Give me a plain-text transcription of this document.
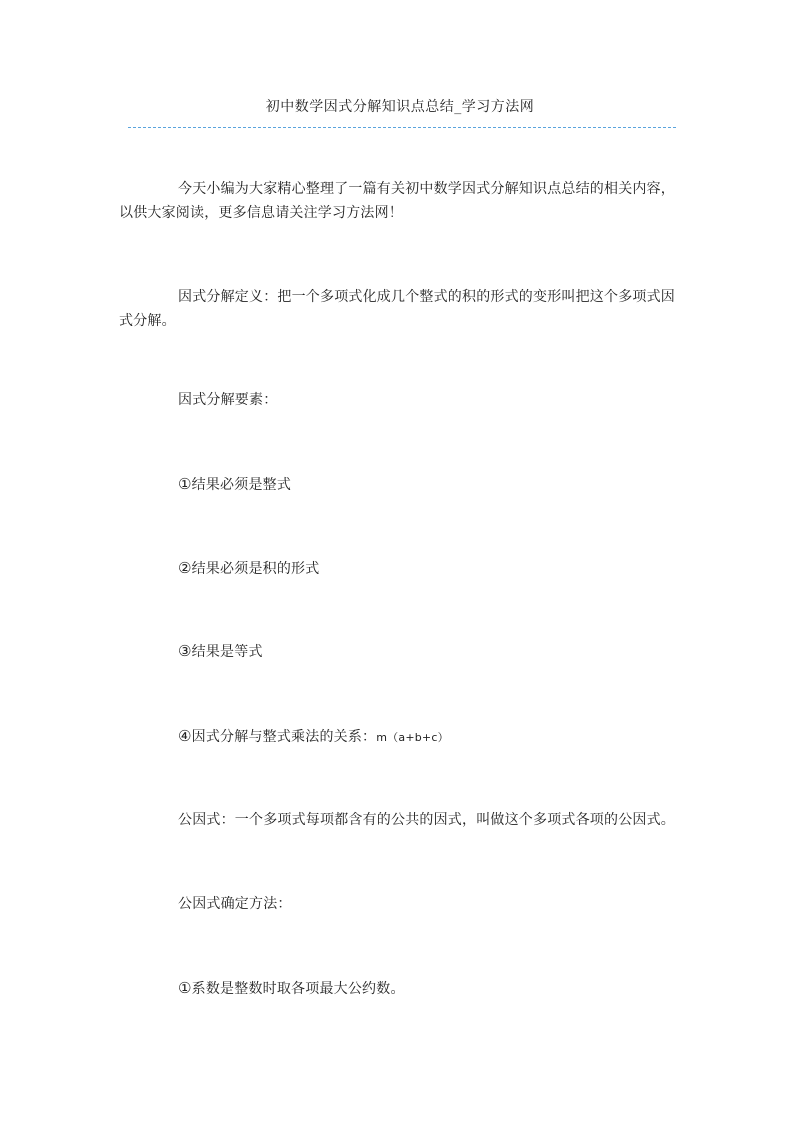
初中数学因式分解知识点总结_学习方法网

今天小编为大家精心整理了一篇有关初中数学因式分解知识点总结的相关内容，以供大家阅读，更多信息请关注学习方法网！

因式分解定义：把一个多项式化成几个整式的积的形式的变形叫把这个多项式因式分解。

因式分解要素：

①结果必须是整式

②结果必须是积的形式

③结果是等式

④因式分解与整式乘法的关系：m（a+b+c）

公因式：一个多项式每项都含有的公共的因式，叫做这个多项式各项的公因式。

公因式确定方法：

①系数是整数时取各项最大公约数。
